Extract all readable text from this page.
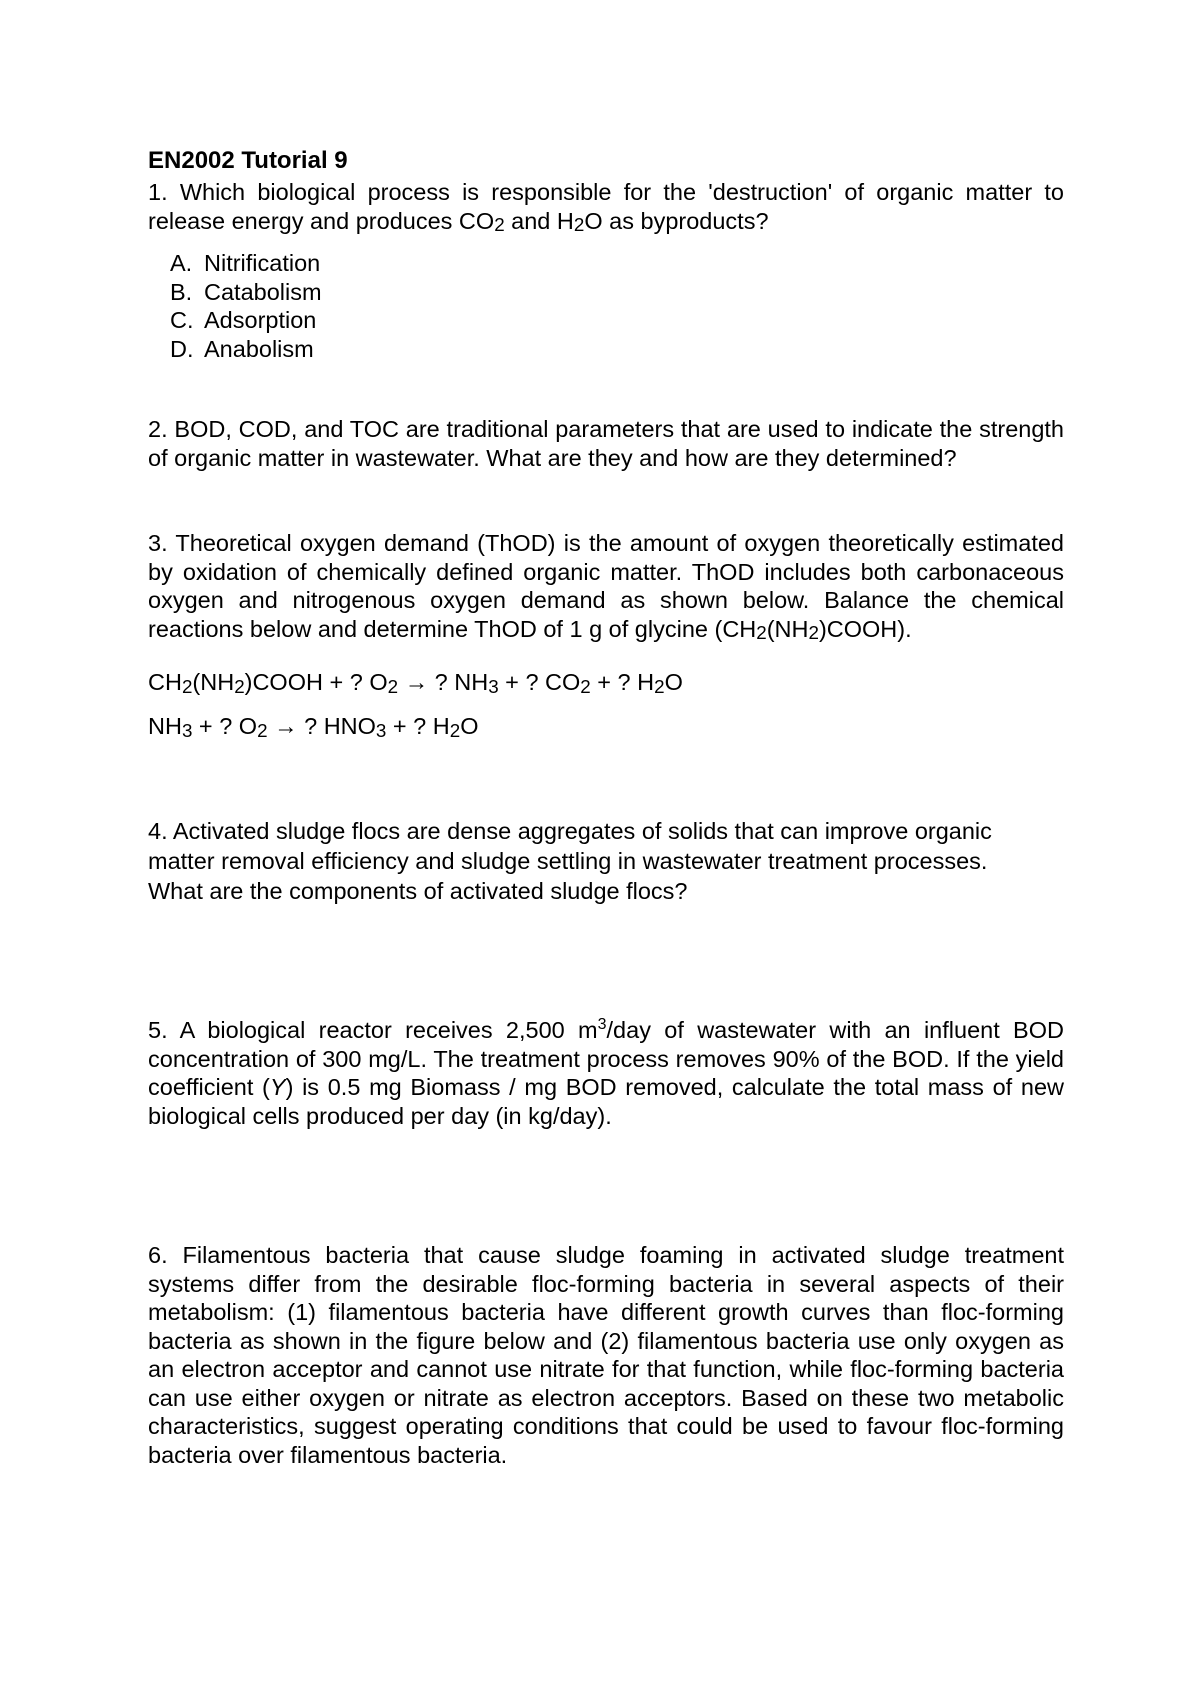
EN2002 Tutorial 9
1. Which biological process is responsible for the 'destruction' of organic matter to release energy and produces $CO_2$ and $H_2O$ as byproducts?
A. Nitrification
B. Catabolism
C. Adsorption
D. Anabolism
2. BOD, COD, and TOC are traditional parameters that are used to indicate the strength of organic matter in wastewater. What are they and how are they determined?
3. Theoretical oxygen demand (ThOD) is the amount of oxygen theoretically estimated by oxidation of chemically defined organic matter. ThOD includes both carbonaceous oxygen and nitrogenous oxygen demand as shown below. Balance the chemical reactions below and determine ThOD of 1 g of glycine $(CH_2(NH_2)COOH)$.
$CH_2(NH_2)COOH$ + ? $O_2$ → ? $NH_3$ + ? $CO_2$ + ? $H_2O$
$NH_3$ + ? $O_2$ → ? $HNO_3$ + ? $H_2O$
4. Activated sludge flocs are dense aggregates of solids that can improve organic
matter removal efficiency and sludge settling in wastewater treatment processes.
What are the components of activated sludge flocs?
5. A biological reactor receives 2,500 $m^3$/day of wastewater with an influent BOD concentration of 300 mg/L. The treatment process removes 90% of the BOD. If the yield coefficient (Y) is 0.5 mg Biomass / mg BOD removed, calculate the total mass of new biological cells produced per day (in kg/day).
6. Filamentous bacteria that cause sludge foaming in activated sludge treatment systems differ from the desirable floc-forming bacteria in several aspects of their metabolism: (1) filamentous bacteria have different growth curves than floc-forming bacteria as shown in the figure below and (2) filamentous bacteria use only oxygen as an electron acceptor and cannot use nitrate for that function, while floc-forming bacteria can use either oxygen or nitrate as electron acceptors. Based on these two metabolic characteristics, suggest operating conditions that could be used to favour floc-forming bacteria over filamentous bacteria.
